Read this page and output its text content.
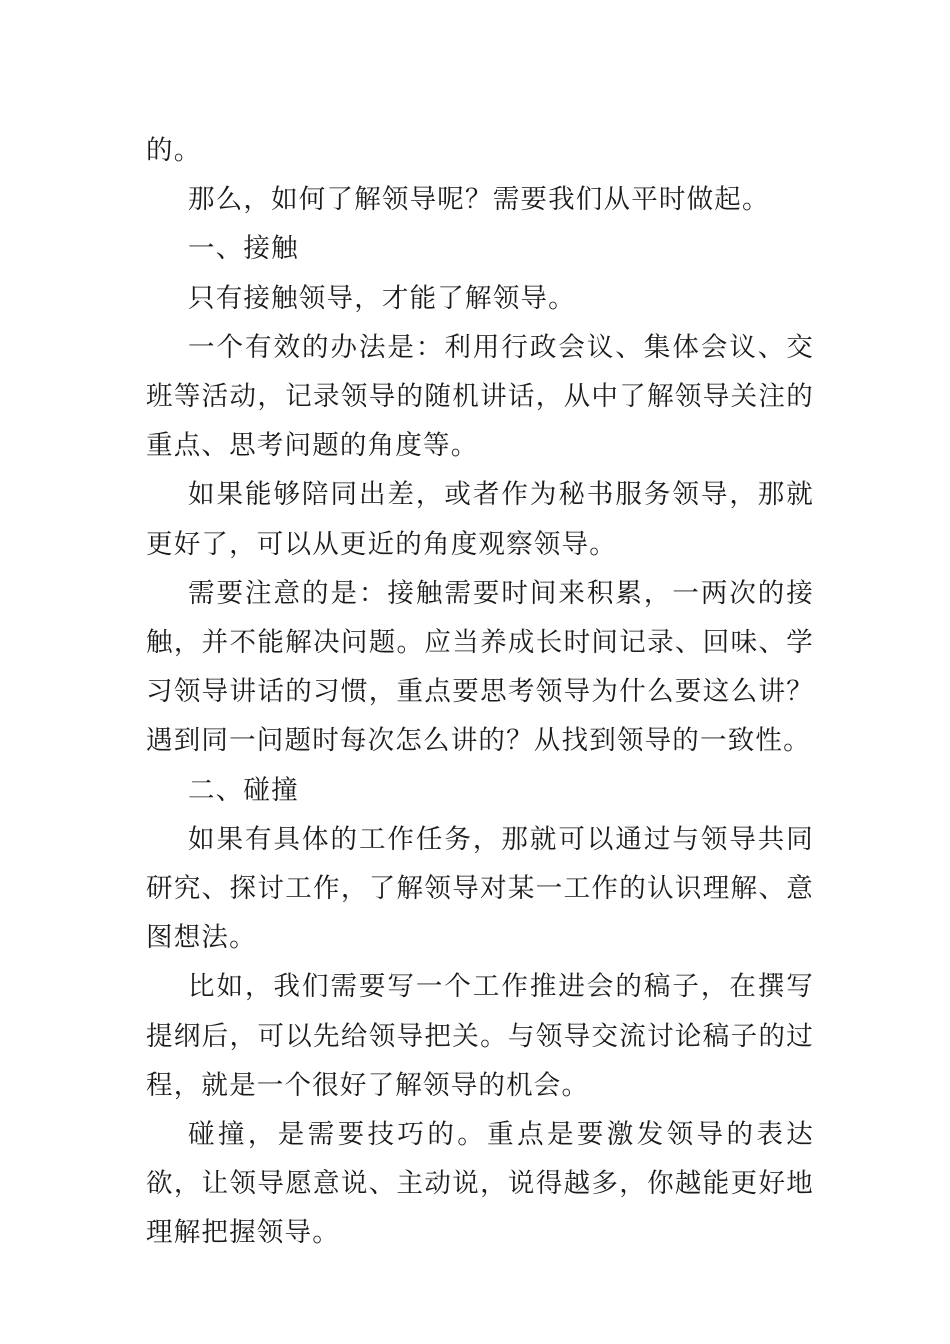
的。

那么，如何了解领导呢？需要我们从平时做起。

一、接触

只有接触领导，才能了解领导。

一个有效的办法是：利用行政会议、集体会议、交班等活动，记录领导的随机讲话，从中了解领导关注的重点、思考问题的角度等。

如果能够陪同出差，或者作为秘书服务领导，那就更好了，可以从更近的角度观察领导。

需要注意的是：接触需要时间来积累，一两次的接触，并不能解决问题。应当养成长时间记录、回味、学习领导讲话的习惯，重点要思考领导为什么要这么讲？遇到同一问题时每次怎么讲的？从找到领导的一致性。

二、碰撞

如果有具体的工作任务，那就可以通过与领导共同研究、探讨工作，了解领导对某一工作的认识理解、意图想法。

比如，我们需要写一个工作推进会的稿子，在撰写提纲后，可以先给领导把关。与领导交流讨论稿子的过程，就是一个很好了解领导的机会。

碰撞，是需要技巧的。重点是要激发领导的表达欲，让领导愿意说、主动说，说得越多，你越能更好地理解把握领导。
